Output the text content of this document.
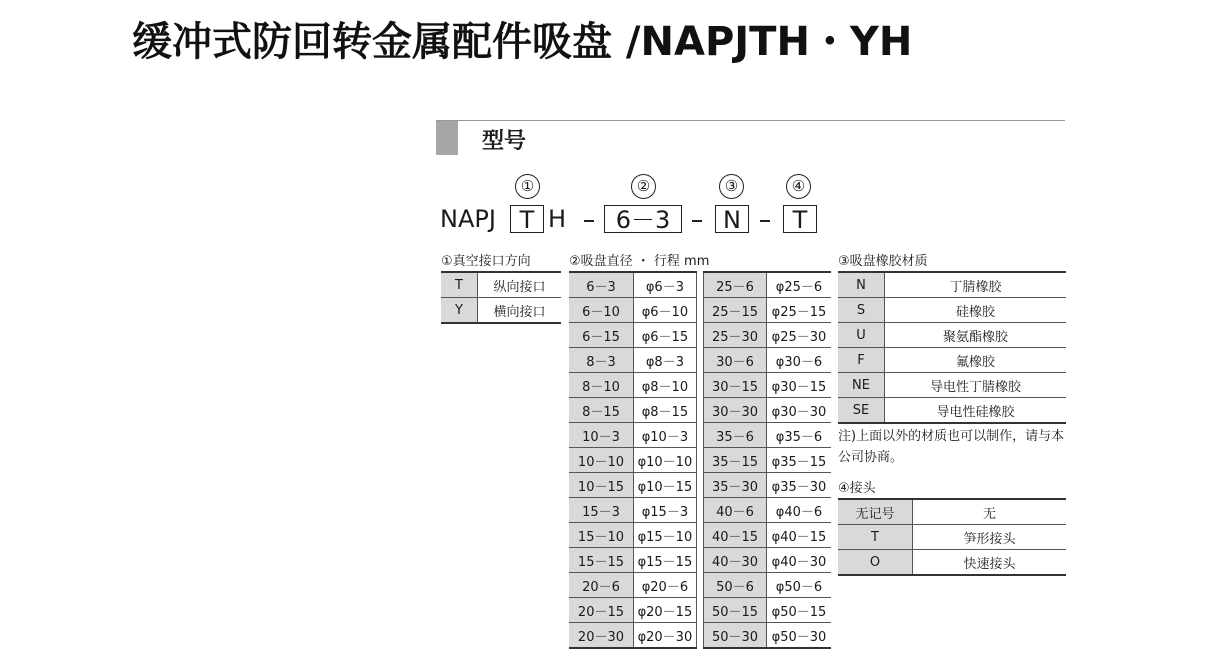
缓冲式防回转金属配件吸盘 /NAPJTH・YH
型号
①	②	③	④
NAPJ T H	6－3	N	T
①真空接口方向	②吸盘直径 ・ 行程 mm	③吸盘橡胶材质
④接头
T	纵向接口
Y	横向接口
6－3	φ6－3		25－6	φ25－6
6－10	φ6－10		25－15	φ25－15
6－15	φ6－15		25－30	φ25－30
8－3	φ8－3		30－6	φ30－6
8－10	φ8－10		30－15	φ30－15
8－15	φ8－15		30－30	φ30－30
10－3	φ10－3		35－6	φ35－6
10－10	φ10－10		35－15	φ35－15
10－15	φ10－15		35－30	φ35－30
15－3	φ15－3		40－6	φ40－6
15－10	φ15－10		40－15	φ40－15
15－15	φ15－15		40－30	φ40－30
20－6	φ20－6		50－6	φ50－6
20－15	φ20－15		50－15	φ50－15
20－30	φ20－30		50－30	φ50－30
N	丁腈橡胶
S	硅橡胶
U	聚氨酯橡胶
F	氟橡胶
NE	导电性丁腈橡胶
SE	导电性硅橡胶
注)上面以外的材质也可以制作，请与本公司协商。
无记号	无
T	笋形接头
O	快速接头
